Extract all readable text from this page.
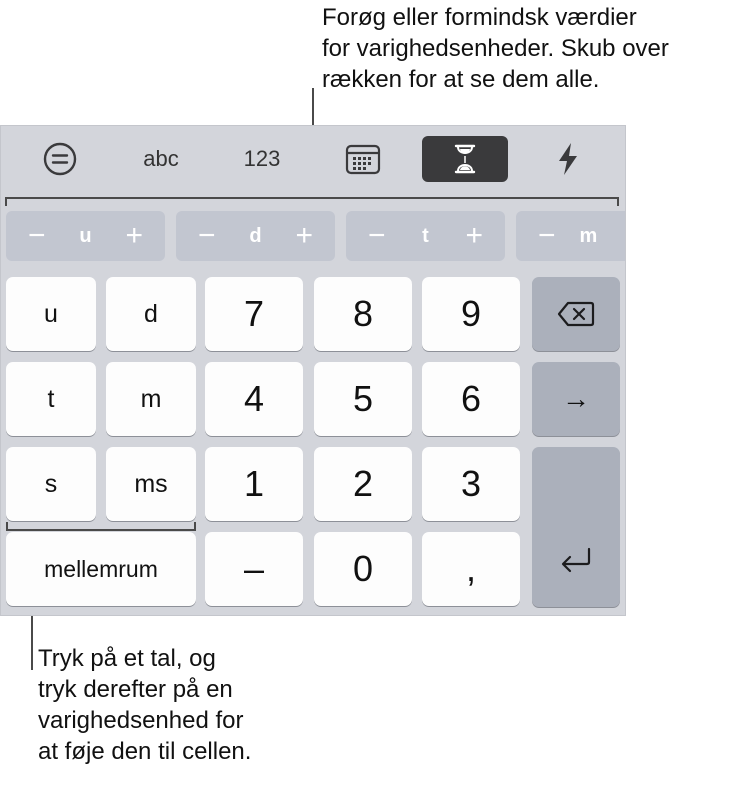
Forøg eller formindsk værdier
for varighedsenheder. Skub over
rækken for at se dem alle.
Tryk på et tal, og
tryk derefter på en
varighedsenhed for
at føje den til cellen.
abc	123
− u + − d + − t + − m
u	d	7	8	9
t	m	4	5	6	→
s	ms	1	2	3
mellemrum	–	0	,
